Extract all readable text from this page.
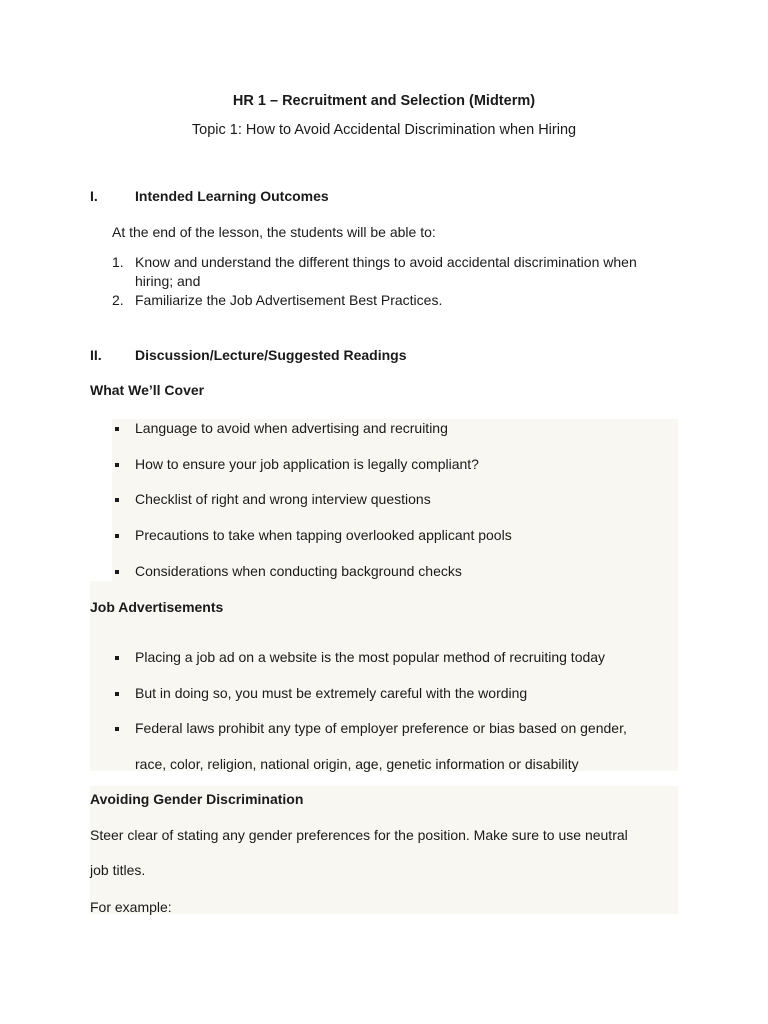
HR 1 – Recruitment and Selection (Midterm)
Topic 1: How to Avoid Accidental Discrimination when Hiring
I.	Intended Learning Outcomes
At the end of the lesson, the students will be able to:
1. Know and understand the different things to avoid accidental discrimination when
hiring; and
2. Familiarize the Job Advertisement Best Practices.
II. Discussion/Lecture/Suggested Readings
What We’ll Cover
Language to avoid when advertising and recruiting
How to ensure your job application is legally compliant?
Checklist of right and wrong interview questions
Precautions to take when tapping overlooked applicant pools
Considerations when conducting background checks
Job Advertisements
Placing a job ad on a website is the most popular method of recruiting today
But in doing so, you must be extremely careful with the wording
Federal laws prohibit any type of employer preference or bias based on gender,
race, color, religion, national origin, age, genetic information or disability
Avoiding Gender Discrimination
Steer clear of stating any gender preferences for the position. Make sure to use neutral
job titles.
For example:
